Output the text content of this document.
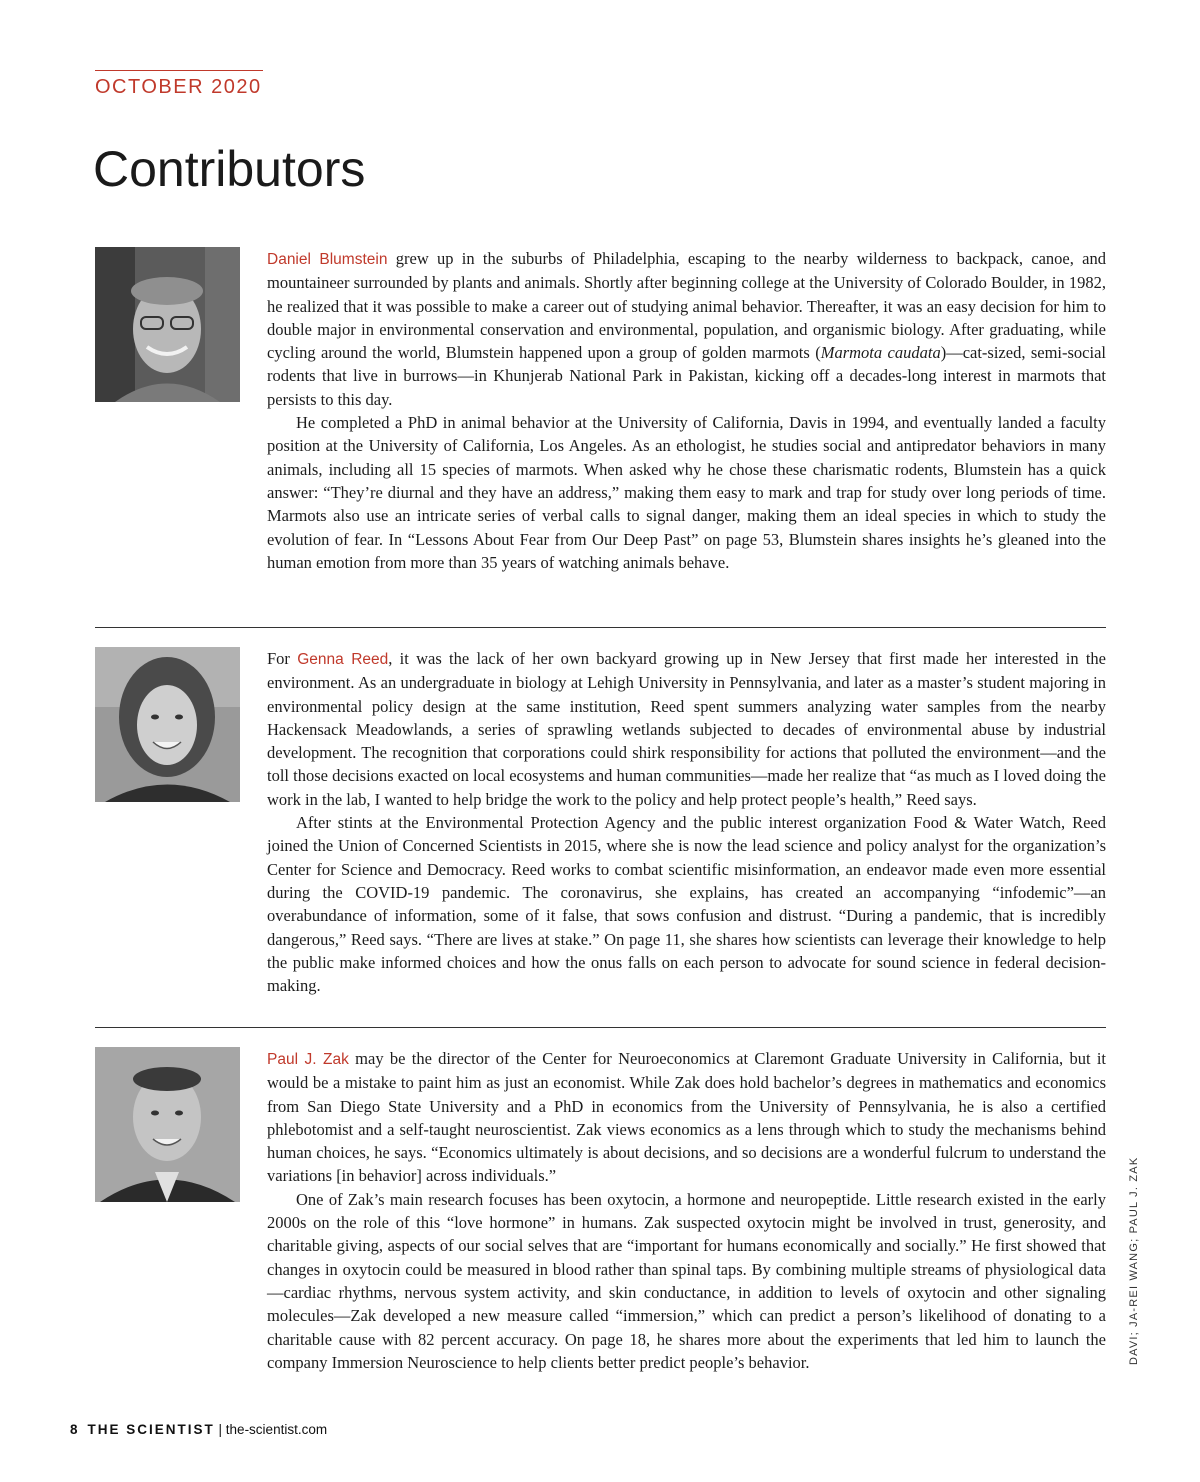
OCTOBER 2020
Contributors

Daniel Blumstein grew up in the suburbs of Philadelphia, escaping to the nearby wilderness to backpack, canoe, and mountaineer surrounded by plants and animals. Shortly after beginning college at the University of Colorado Boulder, in 1982, he realized that it was possible to make a career out of studying animal behavior. Thereafter, it was an easy decision for him to double major in environmental conservation and environmental, population, and organismic biology. After graduating, while cycling around the world, Blumstein happened upon a group of golden marmots (Marmota caudata)—cat-sized, semi-social rodents that live in burrows—in Khunjerab National Park in Pakistan, kicking off a decades-long interest in marmots that persists to this day.

He completed a PhD in animal behavior at the University of California, Davis in 1994, and eventually landed a faculty position at the University of California, Los Angeles. As an ethologist, he studies social and antipredator behaviors in many animals, including all 15 species of marmots. When asked why he chose these charismatic rodents, Blumstein has a quick answer: “They’re diurnal and they have an address,” making them easy to mark and trap for study over long periods of time. Marmots also use an intricate series of verbal calls to signal danger, making them an ideal species in which to study the evolution of fear. In “Lessons About Fear from Our Deep Past” on page 53, Blumstein shares insights he’s gleaned into the human emotion from more than 35 years of watching animals behave.

For Genna Reed, it was the lack of her own backyard growing up in New Jersey that first made her interested in the environment. As an undergraduate in biology at Lehigh University in Pennsylvania, and later as a master’s student majoring in environmental policy design at the same institution, Reed spent summers analyzing water samples from the nearby Hackensack Meadowlands, a series of sprawling wetlands subjected to decades of environmental abuse by industrial development. The recognition that corporations could shirk responsibility for actions that polluted the environment—and the toll those decisions exacted on local ecosystems and human communities—made her realize that “as much as I loved doing the work in the lab, I wanted to help bridge the work to the policy and help protect people’s health,” Reed says.

After stints at the Environmental Protection Agency and the public interest organization Food & Water Watch, Reed joined the Union of Concerned Scientists in 2015, where she is now the lead science and policy analyst for the organization’s Center for Science and Democracy. Reed works to combat scientific misinformation, an endeavor made even more essential during the COVID-19 pandemic. The coronavirus, she explains, has created an accompanying “infodemic”—an overabundance of information, some of it false, that sows confusion and distrust. “During a pandemic, that is incredibly dangerous,” Reed says. “There are lives at stake.” On page 11, she shares how scientists can leverage their knowledge to help the public make informed choices and how the onus falls on each person to advocate for sound science in federal decision-making.

Paul J. Zak may be the director of the Center for Neuroeconomics at Claremont Graduate University in California, but it would be a mistake to paint him as just an economist. While Zak does hold bachelor’s degrees in mathematics and economics from San Diego State University and a PhD in economics from the University of Pennsylvania, he is also a certified phlebotomist and a self-taught neuroscientist. Zak views economics as a lens through which to study the mechanisms behind human choices, he says. “Economics ultimately is about decisions, and so decisions are a wonderful fulcrum to understand the variations [in behavior] across individuals.”

One of Zak’s main research focuses has been oxytocin, a hormone and neuropeptide. Little research existed in the early 2000s on the role of this “love hormone” in humans. Zak suspected oxytocin might be involved in trust, generosity, and charitable giving, aspects of our social selves that are “important for humans economically and socially.” He first showed that changes in oxytocin could be measured in blood rather than spinal taps. By combining multiple streams of physiological data—cardiac rhythms, nervous system activity, and skin conductance, in addition to levels of oxytocin and other signaling molecules—Zak developed a new measure called “immersion,” which can predict a person’s likelihood of donating to a charitable cause with 82 percent accuracy. On page 18, he shares more about the experiments that led him to launch the company Immersion Neuroscience to help clients better predict people’s behavior.	DAVI; JA-REI WANG; PAUL J. ZAK
8 THE SCIENTIST | the-scientist.com
